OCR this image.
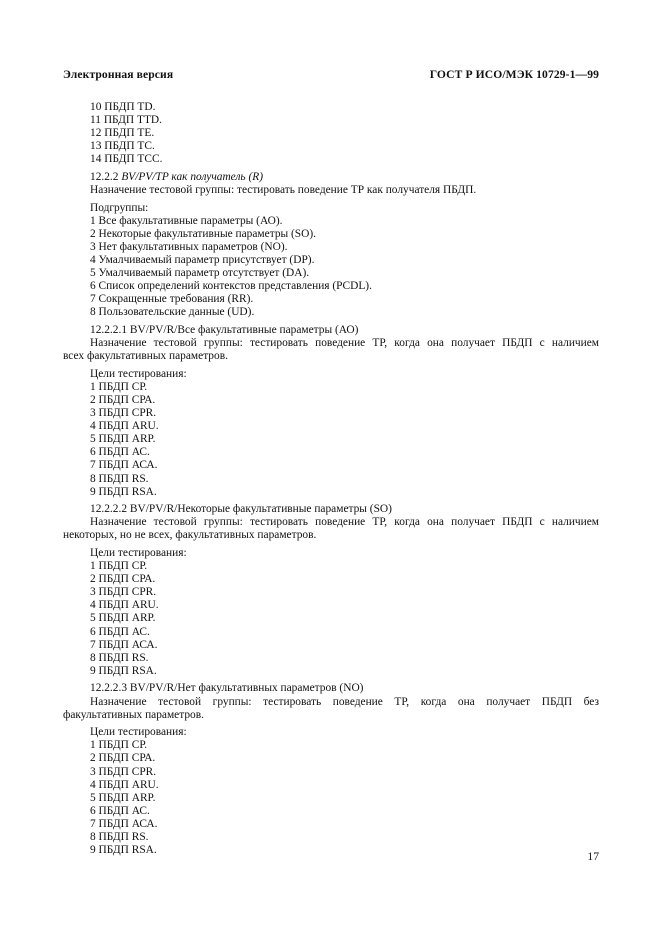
Электронная версия	ГОСТ Р ИСО/МЭК 10729-1—99
10 ПБДП TD.
11 ПБДП TTD.
12 ПБДП ТЕ.
13 ПБДП ТС.
14 ПБДП ТСС.
12.2.2 BV/PV/TP как получатель (R)
Назначение тестовой группы: тестировать поведение ТР как получателя ПБДП.
Подгруппы:
1 Все факультативные параметры (АО).
2 Некоторые факультативные параметры (SO).
3 Нет факультативных параметров (NO).
4 Умалчиваемый параметр присутствует (DP).
5 Умалчиваемый параметр отсутствует (DA).
6 Список определений контекстов представления (PCDL).
7 Сокращенные требования (RR).
8 Пользовательские данные (UD).
12.2.2.1 BV/PV/R/Все факультативные параметры (АО)
Назначение тестовой группы: тестировать поведение ТР, когда она получает ПБДП с наличием
всех факультативных параметров.
Цели тестирования:
1 ПБДП СР.
2 ПБДП СРА.
3 ПБДП CPR.
4 ПБДП ARU.
5 ПБДП ARP.
6 ПБДП АС.
7 ПБДП АСА.
8 ПБДП RS.
9 ПБДП RSA.
12.2.2.2 BV/PV/R/Некоторые факультативные параметры (SO)
Назначение тестовой группы: тестировать поведение ТР, когда она получает ПБДП с наличием
некоторых, но не всех, факультативных параметров.
Цели тестирования:
1 ПБДП СР.
2 ПБДП СРА.
3 ПБДП CPR.
4 ПБДП ARU.
5 ПБДП ARP.
6 ПБДП АС.
7 ПБДП АСА.
8 ПБДП RS.
9 ПБДП RSA.
12.2.2.3 BV/PV/R/Нет факультативных параметров (NO)
Назначение тестовой группы: тестировать поведение ТР, когда она получает ПБДП без
факультативных параметров.
Цели тестирования:
1 ПБДП СР.
2 ПБДП СРА.
3 ПБДП CPR.
4 ПБДП ARU.
5 ПБДП ARP.
6 ПБДП АС.
7 ПБДП АСА.
8 ПБДП RS.
9 ПБДП RSA.	17
